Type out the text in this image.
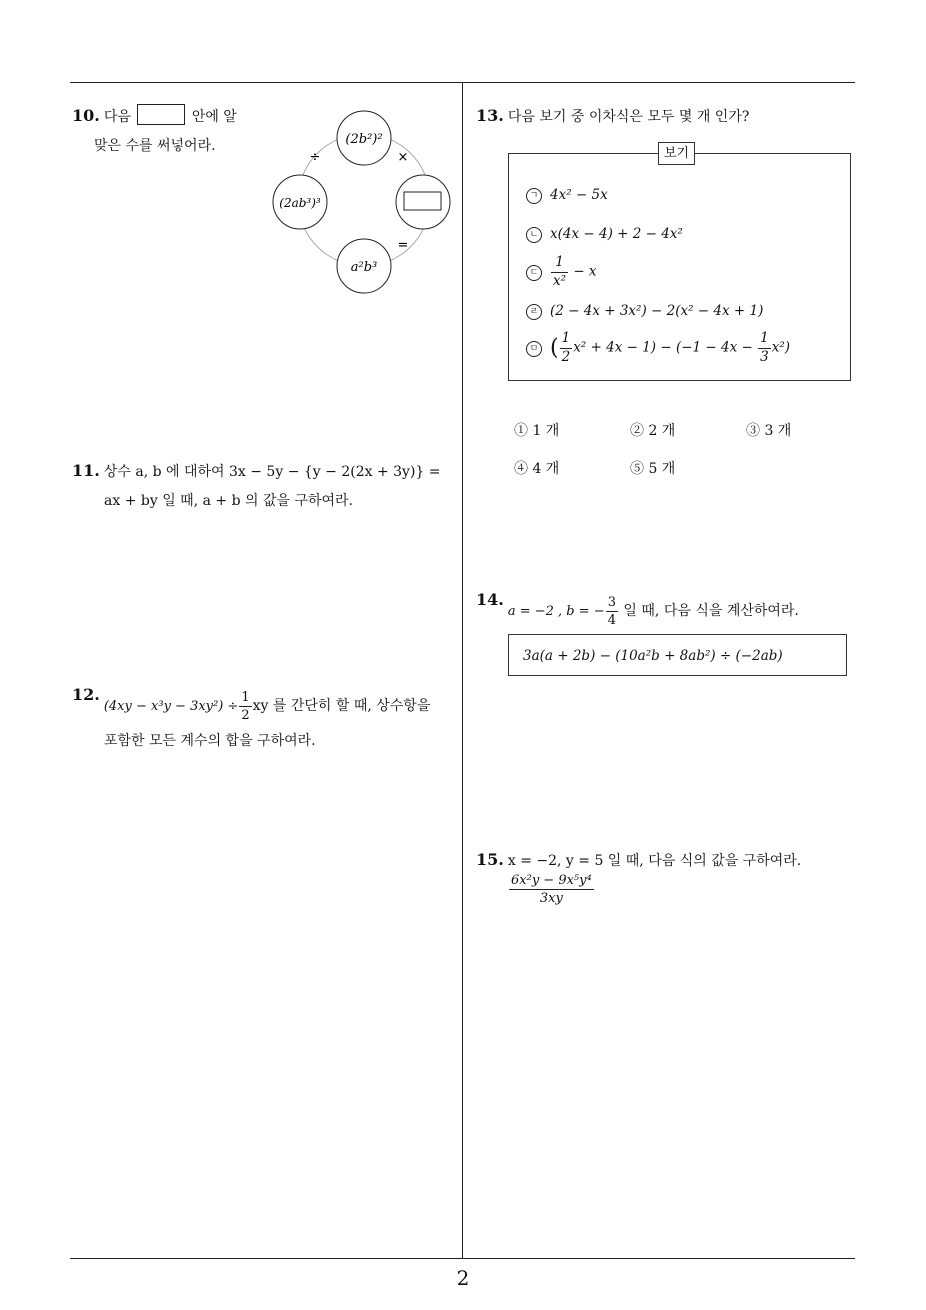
10. 다음	안에 알
맞은 수를 써넣어라.	(2b²)²
(2ab³)³
a²b³
÷	×
=
11. 상수 a, b 에 대하여 3x − 5y − {y − 2(2x + 3y)} =
ax + by 일 때, a + b 의 값을 구하여라.
$12.(4xy - x^3y - 3xy^2) \div \frac{1}{2}$ xy 를 간단히 할 때, 상수항을
포함한 모든 계수의 합을 구하여라.
13. 다음 보기 중 이차식은 모두 몇 개 인가?
보기
ㄱ 4x² − 5x
ㄴ x(4x − 4) + 2 − 4x²
ㄷ $\frac{1}{\text{x²}} - x$
ㄹ (2 − 4x + 3x²) − 2(x² − 4x + 1)
ㅁ ( $\frac{1}{2} x^2 + 4x - 1) - (-1 - 4x - \frac{1}{3} x^2)$
① 1 개	② 2 개	③ 3 개
④ 4 개	⑤ 5 개
14.a = −2 , b = − $\frac{3}{4}$ 일 때, 다음 식을 계산하여라.
3a(a + 2b) − (10a²b + 8ab²) ÷ (−2ab)
15. x = −2, y = 5 일 때, 다음 식의 값을 구하여라.
$\frac{\text{6x²y − 9x⁵y⁴}}{3xy}$
2
